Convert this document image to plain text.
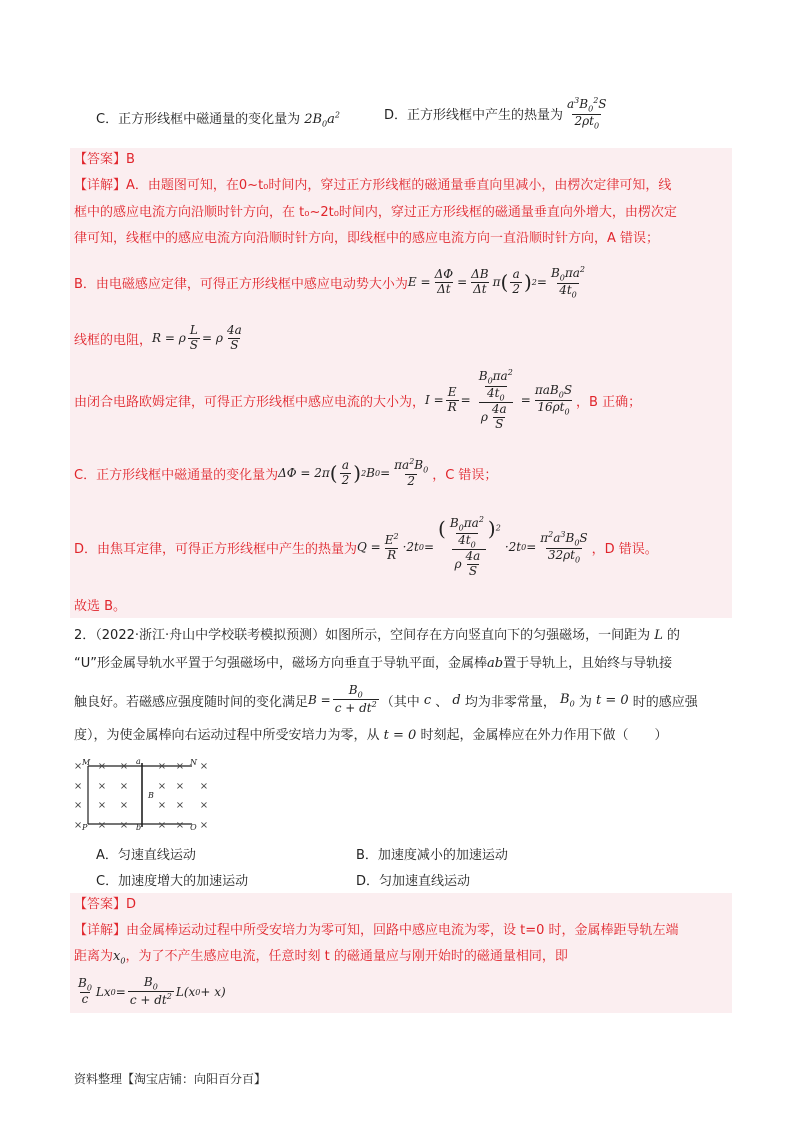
C．正方形线框中磁通量的变化量为 $2B_0a^2$	D．正方形线框中产生的热量为 $\frac{a^3B_0^2S}{2\rho t_0}$
【答案】B
【详解】A．由题图可知，在0~t₀时间内，穿过正方形线框的磁通量垂直向里减小，由楞次定律可知，线
框中的感应电流方向沿顺时针方向，在 t₀~2t₀时间内，穿过正方形线框的磁通量垂直向外增大，由楞次定
律可知，线框中的感应电流方向沿顺时针方向，即线框中的感应电流方向一直沿顺时针方向，A 错误；
B．由电磁感应定律，可得正方形线框中感应电动势大小为 $E = \frac{\Delta\Phi}{\Delta t} = \frac{\Delta B}{\Delta t}$ π ( $\frac{a}{2}$ ) $2 = \frac{B_0\pi a^2}{4t_0}$
线框的电阻， R = ρ $\frac{L}{S} = \rho \frac{4a}{S}$
由闭合电路欧姆定律，可得正方形线框中感应电流的大小为， $I = \frac{E}{R} = \frac{\frac{B_0\pi a^2}{4t_0}}{\rho \frac{4a}{S}} = \frac{\pi aB_0S}{16\rho t_0}$ ，B 正确；
C．正方形线框中磁通量的变化量为 ΔΦ = 2π ( $\frac{a}{2}$ ) 2 B $0 = \frac{\pi a^2B_0}{2}$ ，C 错误；
D．由焦耳定律，可得正方形线框中产生的热量为 $Q = \frac{E^2}{R} \cdot 2t$ $0 = \frac{( \frac{B_0\pi a^2}{4t_0} )^2}{\rho \frac{4a}{S}} \cdot 2t$ $0 = \frac{\pi^2a^3B_0S}{32\rho t_0}$ ，D 错误。
故选 B。
2．（2022·浙江·舟山中学校联考模拟预测）如图所示，空间存在方向竖直向下的匀强磁场，一间距为 L 的
“U”形金属导轨水平置于匀强磁场中，磁场方向垂直于导轨平面，金属棒ab置于导轨上，且始终与导轨接
触良好。若磁感应强度随时间的变化满足 $B = \frac{B_0}{c + dt^2}$ （其中 c 、 d 均为非零常量， $B_0$ 为 t = 0 时的感应强
度），为使金属棒向右运动过程中所受安培力为零，从 t = 0 时刻起，金属棒应在外力作用下做（　　）
× × ×	× × ×
× × ×	× × ×
× × ×	× × ×
× × ×	× × ×
M	a	N
B
P	b	Q
A．匀速直线运动	B．加速度减小的加速运动
C．加速度增大的加速运动	D．匀加速直线运动
【答案】D
【详解】由金属棒运动过程中所受安培力为零可知，回路中感应电流为零，设 t=0 时，金属棒距导轨左端
距离为$x_0$，为了不产生感应电流，任意时刻 t 的磁通量应与刚开始时的磁通量相同，即
$\frac{B_0}{c}$ Lx $0 = \frac{B_0}{c + dt^2}$ L ( x 0 + x )
资料整理【淘宝店铺：向阳百分百】
